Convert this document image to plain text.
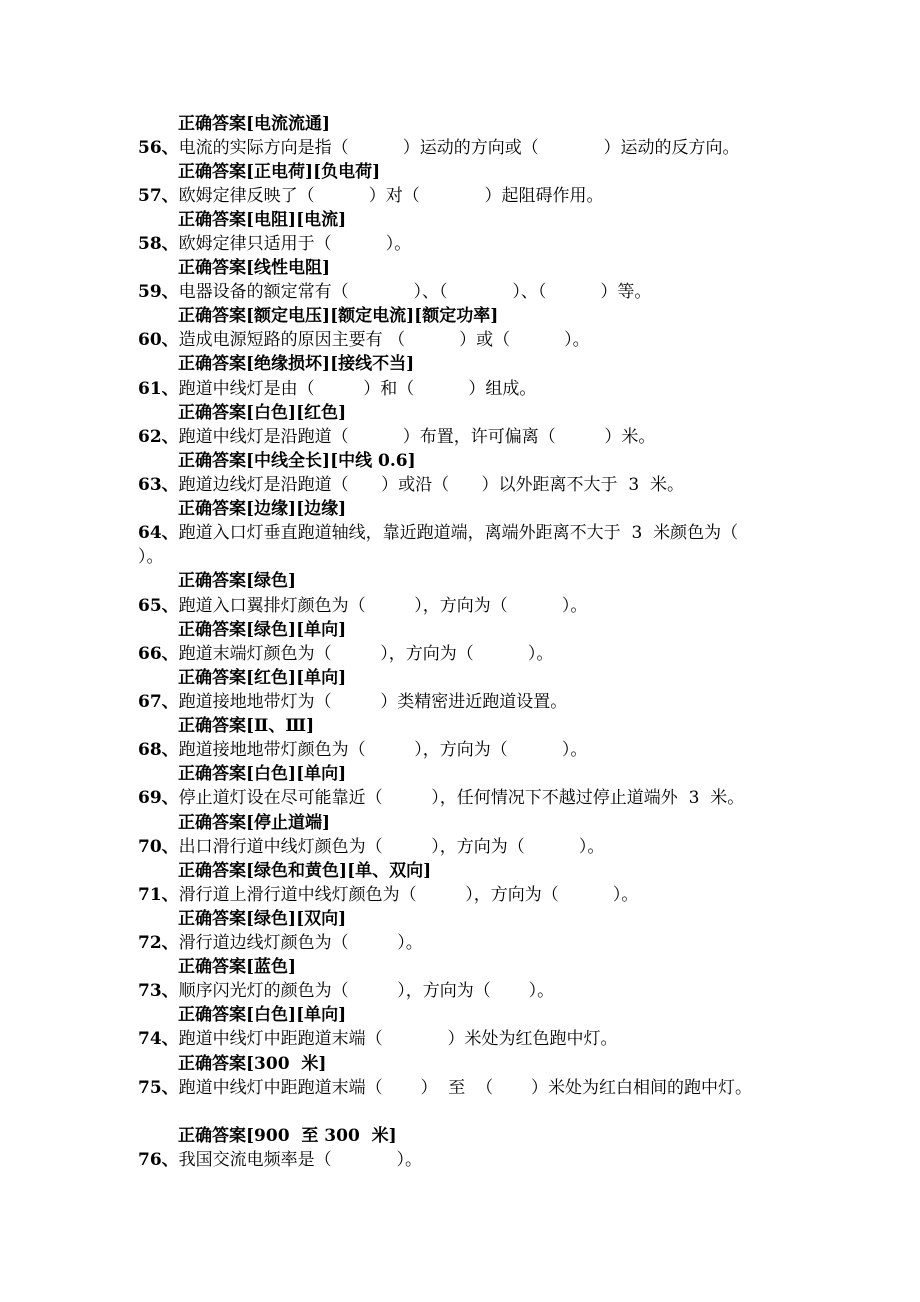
正确答案[电流流通]
56、电流的实际方向是指（          ）运动的方向或（            ）运动的反方向。
正确答案[正电荷][负电荷]
57、欧姆定律反映了（          ）对（            ）起阻碍作用。
正确答案[电阻][电流]
58、欧姆定律只适用于（          ）。
正确答案[线性电阻]
59、电器设备的额定常有（            ）、（            ）、（          ）等。
正确答案[额定电压][额定电流][额定功率]
60、造成电源短路的原因主要有 （          ）或（          ）。
正确答案[绝缘损坏][接线不当]
61、跑道中线灯是由（         ）和（          ）组成。
正确答案[白色][红色]
62、跑道中线灯是沿跑道（          ）布置，许可偏离（         ）米。
正确答案[中线全长][中线 0.6]
63、跑道边线灯是沿跑道（      ）或沿（      ）以外距离不大于  3  米。
正确答案[边缘][边缘]
64、跑道入口灯垂直跑道轴线，靠近跑道端，离端外距离不大于  3  米颜色为（
）。
正确答案[绿色]
65、跑道入口翼排灯颜色为（         ），方向为（          ）。
正确答案[绿色][单向]
66、跑道末端灯颜色为（         ），方向为（          ）。
正确答案[红色][单向]
67、跑道接地地带灯为（         ）类精密进近跑道设置。
正确答案[Ⅱ、Ⅲ]
68、跑道接地地带灯颜色为（         ），方向为（          ）。
正确答案[白色][单向]
69、停止道灯设在尽可能靠近（         ），任何情况下不越过停止道端外  3  米。
正确答案[停止道端]
70、出口滑行道中线灯颜色为（         ），方向为（          ）。
正确答案[绿色和黄色][单、双向]
71、滑行道上滑行道中线灯颜色为（         ），方向为（          ）。
正确答案[绿色][双向]
72、滑行道边线灯颜色为（         ）。
正确答案[蓝色]
73、顺序闪光灯的颜色为（         ），方向为（       ）。
正确答案[白色][单向]
74、跑道中线灯中距跑道末端（            ）米处为红色跑中灯。
正确答案[300  米]
75、跑道中线灯中距跑道末端（       ）  至  （       ）米处为红白相间的跑中灯。
正确答案[900  至 300  米]
76、我国交流电频率是（            ）。
